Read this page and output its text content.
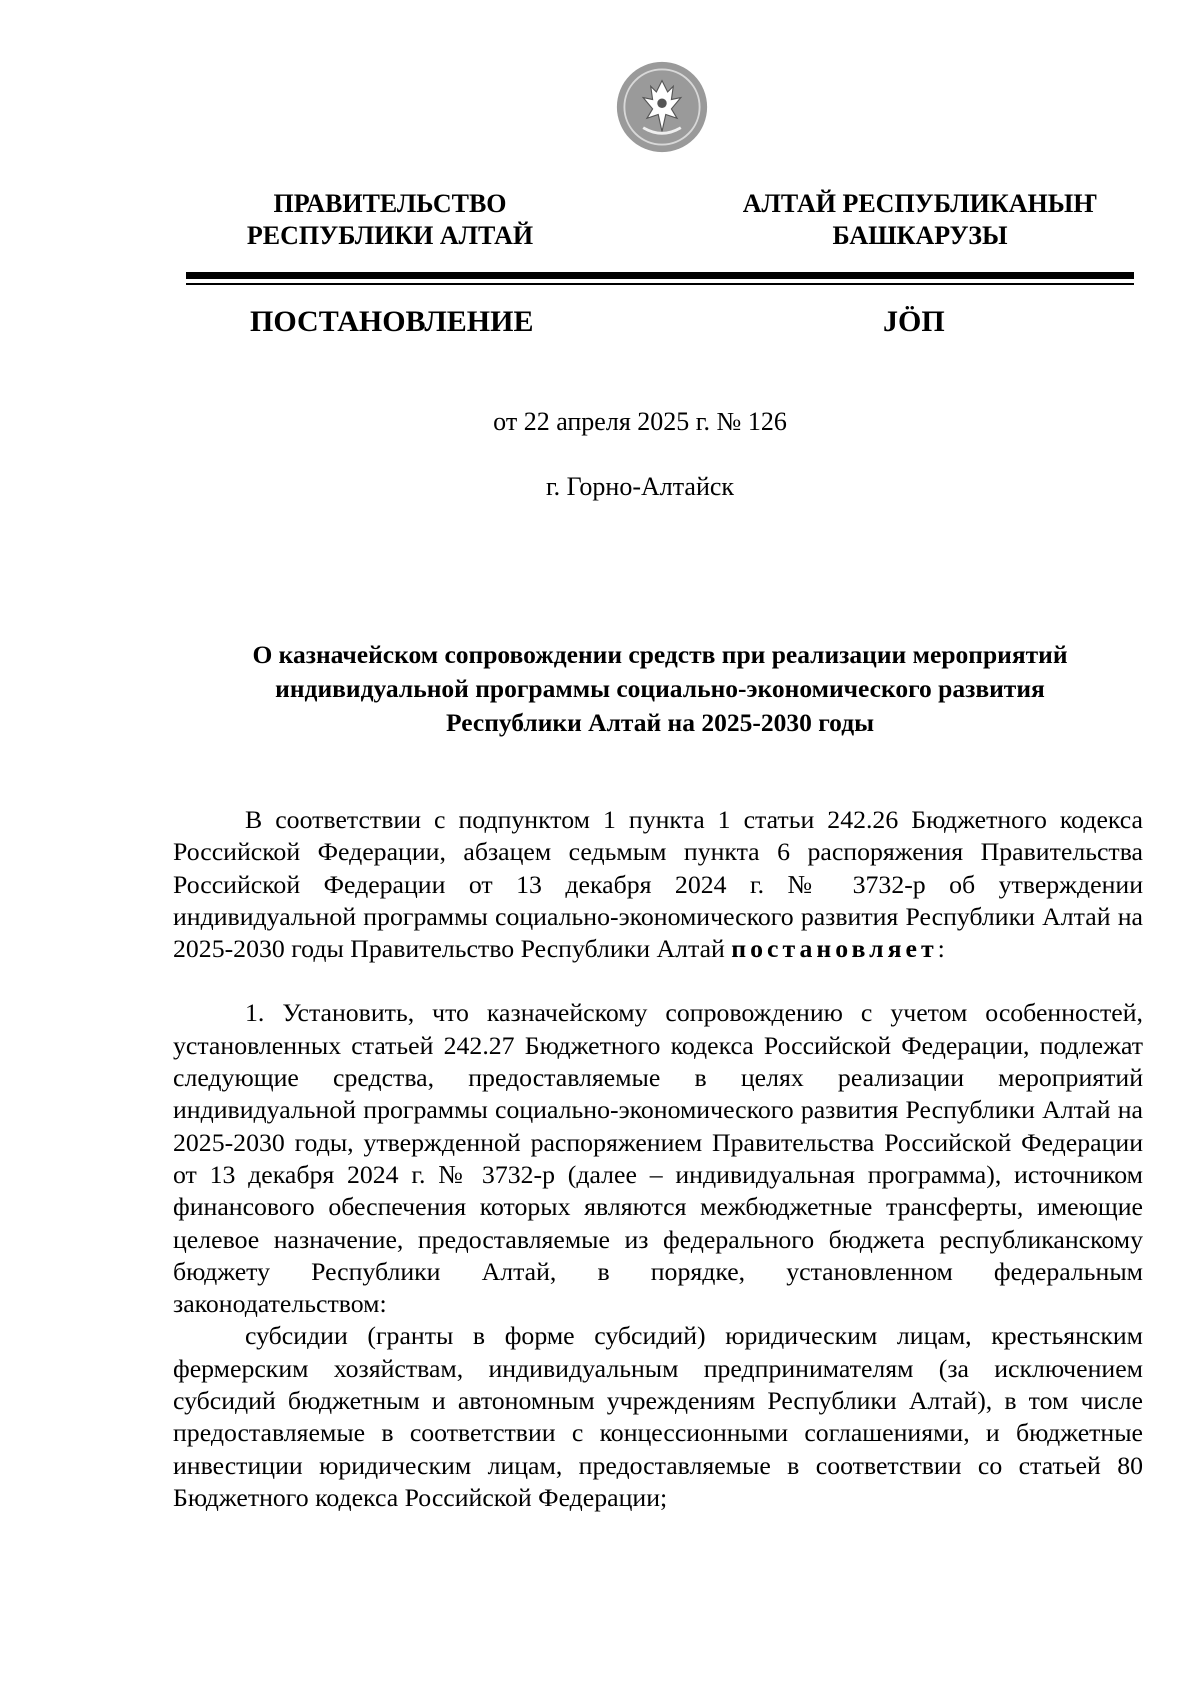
ПРАВИТЕЛЬСТВО
РЕСПУБЛИКИ АЛТАЙ
АЛТАЙ РЕСПУБЛИКАНЫҤ
БАШКАРУЗЫ
ПОСТАНОВЛЕНИЕ	JÖП
от 22 апреля 2025 г. № 126
г. Горно-Алтайск
О казначейском сопровождении средств при реализации мероприятий
индивидуальной программы социально-экономического развития
Республики Алтай на 2025-2030 годы

В соответствии с подпунктом 1 пункта 1 статьи 242.26 Бюджетного кодекса Российской Федерации, абзацем седьмым пункта 6 распоряжения Правительства Российской Федерации от 13 декабря 2024 г. № 3732-р об утверждении индивидуальной программы социально-экономического развития Республики Алтай на 2025-2030 годы Правительство Республики Алтай постановляет:

1. Установить, что казначейскому сопровождению с учетом особенностей, установленных статьей 242.27 Бюджетного кодекса Российской Федерации, подлежат следующие средства, предоставляемые в целях реализации мероприятий индивидуальной программы социально-экономического развития Республики Алтай на 2025-2030 годы, утвержденной распоряжением Правительства Российской Федерации от 13 декабря 2024 г. № 3732-р (далее – индивидуальная программа), источником финансового обеспечения которых являются межбюджетные трансферты, имеющие целевое назначение, предоставляемые из федерального бюджета республиканскому бюджету Республики Алтай, в порядке, установленном федеральным законодательством:

субсидии (гранты в форме субсидий) юридическим лицам, крестьянским фермерским хозяйствам, индивидуальным предпринимателям (за исключением субсидий бюджетным и автономным учреждениям Республики Алтай), в том числе предоставляемые в соответствии с концессионными соглашениями, и бюджетные инвестиции юридическим лицам, предоставляемые в соответствии со статьей 80 Бюджетного кодекса Российской Федерации;
